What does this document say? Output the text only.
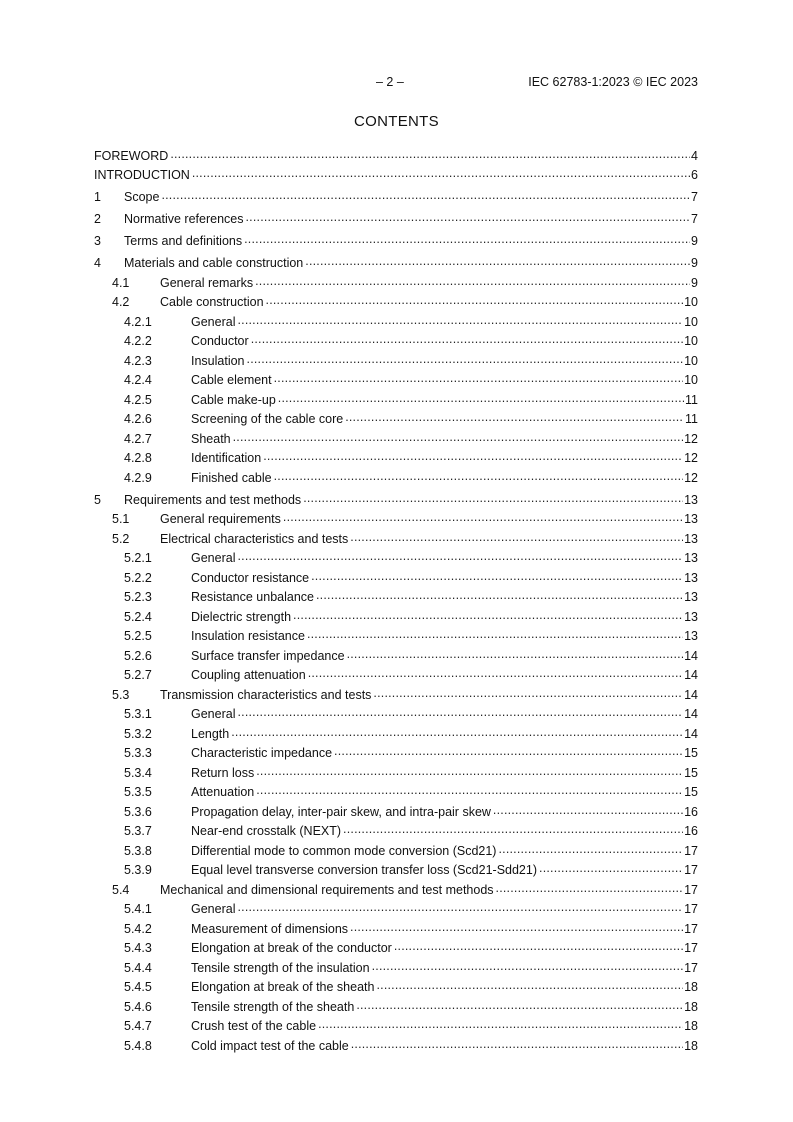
– 2 –	IEC 62783-1:2023 © IEC 2023
CONTENTS
FOREWORD .....	4
INTRODUCTION .....	6
1	Scope .....	7
2	Normative references .....	7
3	Terms and definitions .....	9
4	Materials and cable construction .....	9
4.1	General remarks .....	9
4.2	Cable construction .....	10
4.2.1	General .....	10
4.2.2	Conductor .....	10
4.2.3	Insulation .....	10
4.2.4	Cable element .....	10
4.2.5	Cable make-up .....	11
4.2.6	Screening of the cable core .....	11
4.2.7	Sheath .....	12
4.2.8	Identification .....	12
4.2.9	Finished cable .....	12
5	Requirements and test methods .....	13
5.1	General requirements .....	13
5.2	Electrical characteristics and tests .....	13
5.2.1	General .....	13
5.2.2	Conductor resistance .....	13
5.2.3	Resistance unbalance .....	13
5.2.4	Dielectric strength .....	13
5.2.5	Insulation resistance .....	13
5.2.6	Surface transfer impedance .....	14
5.2.7	Coupling attenuation .....	14
5.3	Transmission characteristics and tests .....	14
5.3.1	General .....	14
5.3.2	Length .....	14
5.3.3	Characteristic impedance .....	15
5.3.4	Return loss .....	15
5.3.5	Attenuation .....	15
5.3.6	Propagation delay, inter-pair skew, and intra-pair skew .....	16
5.3.7	Near-end crosstalk (NEXT) .....	16
5.3.8	Differential mode to common mode conversion (Scd21) .....	17
5.3.9	Equal level transverse conversion transfer loss (Scd21-Sdd21) .....	17
5.4	Mechanical and dimensional requirements and test methods .....	17
5.4.1	General .....	17
5.4.2	Measurement of dimensions .....	17
5.4.3	Elongation at break of the conductor .....	17
5.4.4	Tensile strength of the insulation .....	17
5.4.5	Elongation at break of the sheath .....	18
5.4.6	Tensile strength of the sheath .....	18
5.4.7	Crush test of the cable .....	18
5.4.8	Cold impact test of the cable .....	18
